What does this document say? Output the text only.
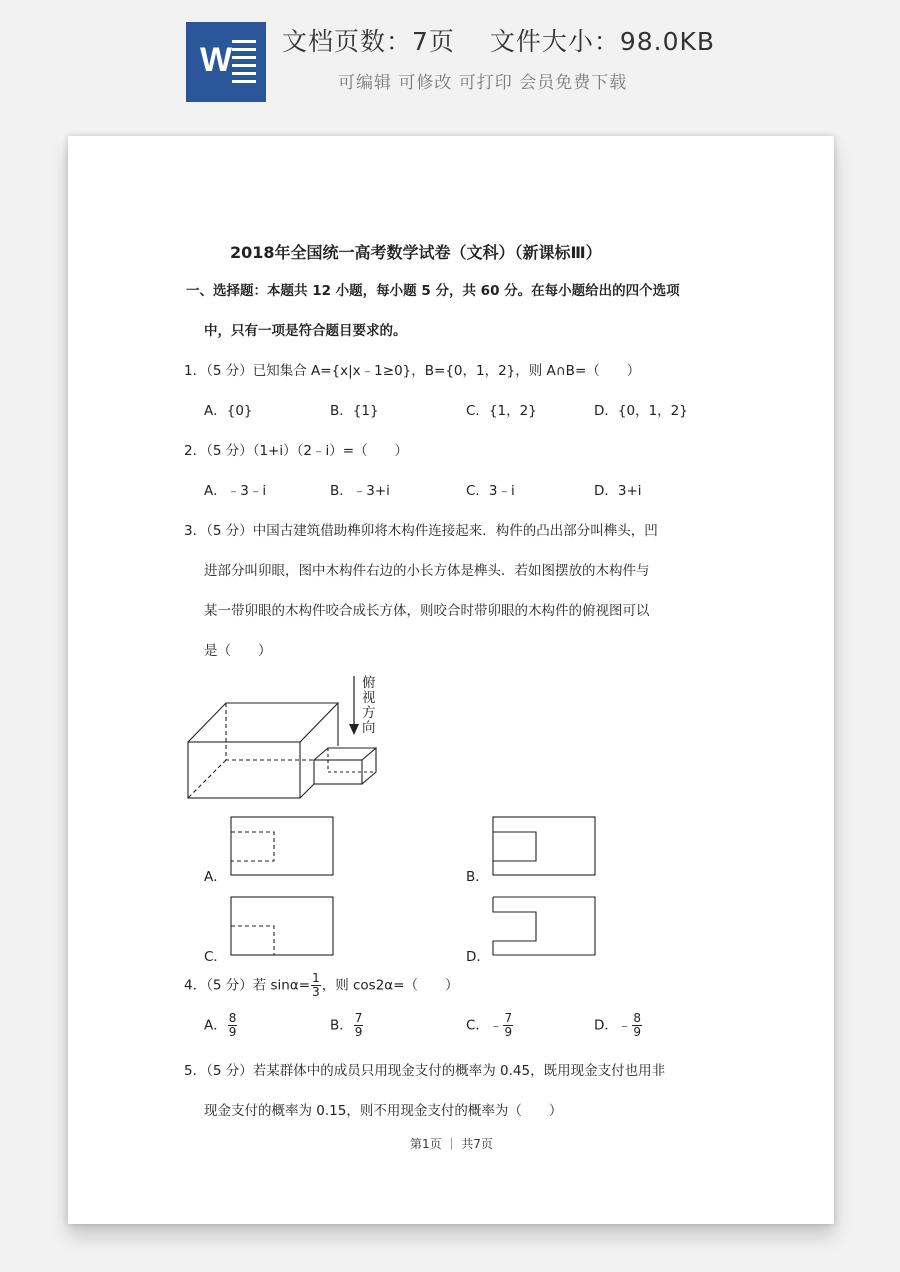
W 文档页数：7页　 文件大小：98.0KB
可编辑 可修改 可打印 会员免费下载
2018年全国统一高考数学试卷（文科）（新课标Ⅲ）
一、选择题：本题共 12 小题，每小题 5 分，共 60 分。在每小题给出的四个选项
中，只有一项是符合题目要求的。
1．（5 分）已知集合 A={x|x﹣1≥0}，B={0，1，2}，则 A∩B=（　　）
A．{0}	B．{1}	C．{1，2}	D．{0，1，2}
2．（5 分）（1+i）（2﹣i）=（　　）
A．﹣3﹣i	B．﹣3+i	C．3﹣i	D．3+i
3．（5 分）中国古建筑借助榫卯将木构件连接起来．构件的凸出部分叫榫头，凹
进部分叫卯眼，图中木构件右边的小长方体是榫头．若如图摆放的木构件与
某一带卯眼的木构件咬合成长方体，则咬合时带卯眼的木构件的俯视图可以
是（　　）
俯
视
方
向
A．	B．
C．	D．
4．（5 分）若 $\sin\alpha= \frac{1}{3}$ ，则 cos2α=（　　）
A． $\frac{8}{9}$	B． $\frac{7}{9}$	C．﹣ $\frac{7}{9}$	D．﹣ $\frac{8}{9}$
5．（5 分）若某群体中的成员只用现金支付的概率为 0.45，既用现金支付也用非
现金支付的概率为 0.15，则不用现金支付的概率为（　　）
第1页 ｜ 共7页
